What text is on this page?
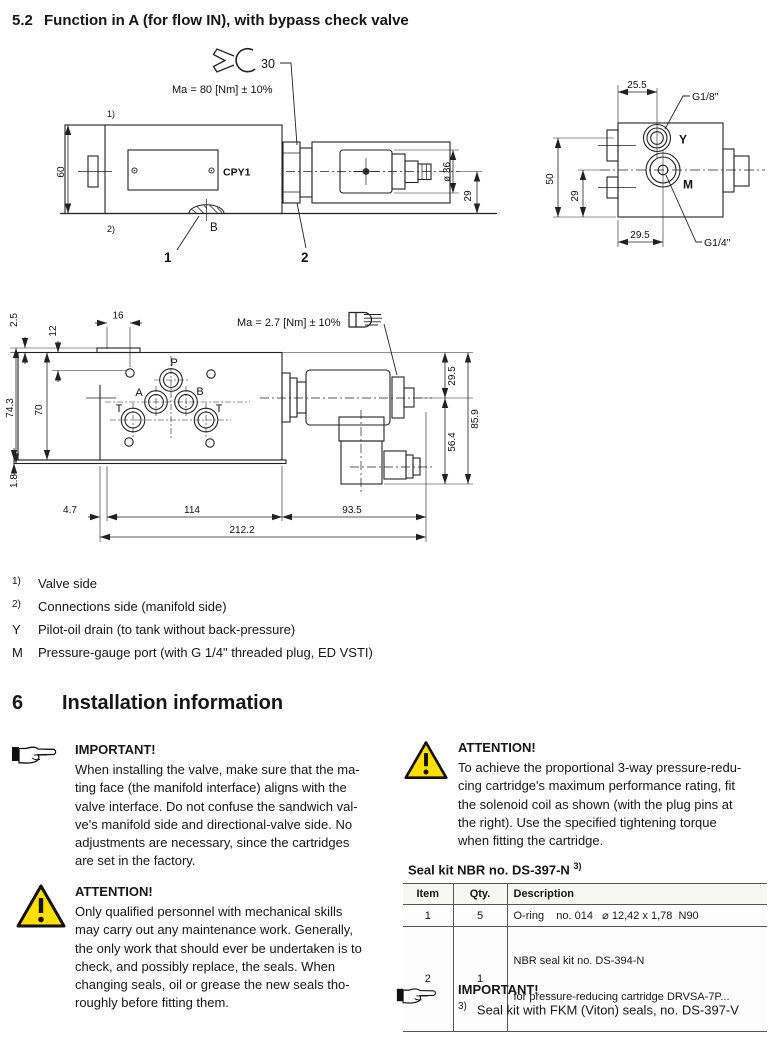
5.2 Function in A (for flow IN), with bypass check valve
30
Ma = 80 [Nm] ± 10%
1)
2)
CPY1
B
1	2
60	ø 36
29
25.5
G1/8"
Y
50
29
M
29.5
G1/4"
Ma = 2.7 [Nm] ± 10%
P
A	B
T	T
2.5
12
16
74.3 70
1.8
4.7	114	93.5
212.2
29.5
56.4
85.9
1)	Valve side
2)	Connections side (manifold side)
Y	Pilot-oil drain (to tank without back-pressure)
M	Pressure-gauge port (with G 1/4" threaded plug, ED VSTI)
6 Installation information
IMPORTANT!
When installing the valve, make sure that the ma-
ting face (the manifold interface) aligns with the
valve interface. Do not confuse the sandwich val-
ve's manifold side and directional-valve side. No
adjustments are necessary, since the cartridges
are set in the factory.
ATTENTION!
Only qualified personnel with mechanical skills
may carry out any maintenance work. Generally,
the only work that should ever be undertaken is to
check, and possibly replace, the seals. When
changing seals, oil or grease the new seals tho-
roughly before fitting them.
ATTENTION!
To achieve the proportional 3-way pressure-redu-
cing cartridge's maximum performance rating, fit
the solenoid coil as shown (with the plug pins at
the right). Use the specified tightening torque
when fitting the cartridge.
Seal kit NBR no. DS-397-N $^{3)}$
Item	Qty.	Description
1	5	O-ring    no. 014   ⌀ 12,42 x 1,78  N90
2	1	NBR seal kit no. DS-394-N

for pressure-reducing cartridge DRVSA-7P...

IMPORTANT!
$^{3)}$ Seal kit with FKM (Viton) seals, no. DS-397-V
